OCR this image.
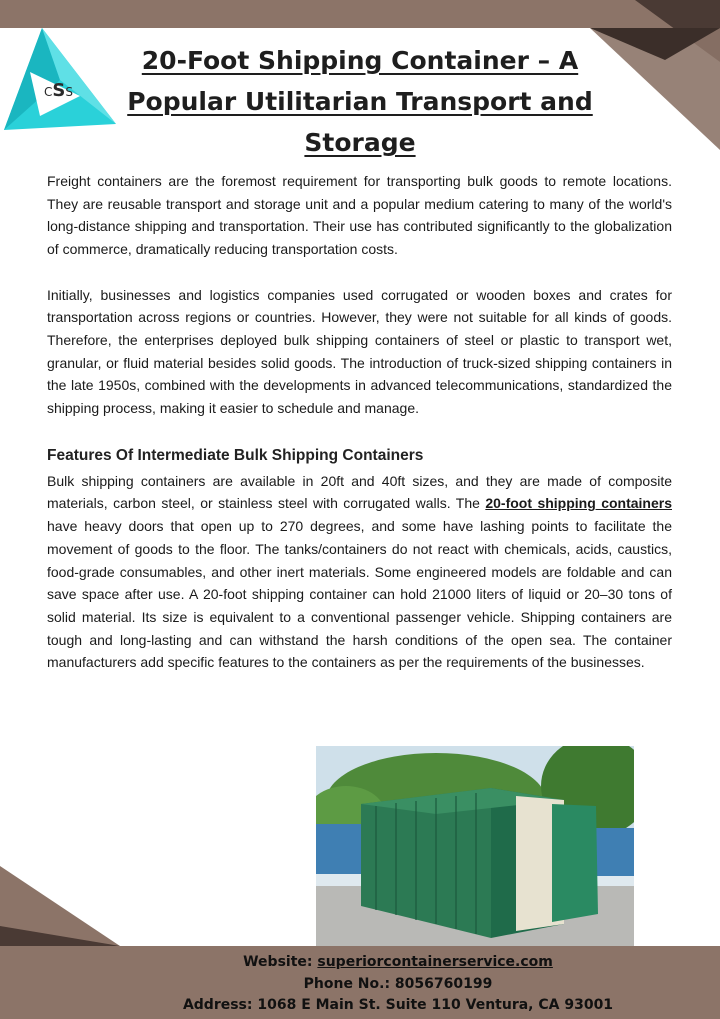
CSS
20-Foot Shipping Container – A Popular Utilitarian Transport and Storage

Freight containers are the foremost requirement for transporting bulk goods to remote locations. They are reusable transport and storage unit and a popular medium catering to many of the world's long-distance shipping and transportation. Their use has contributed significantly to the globalization of commerce, dramatically reducing transportation costs.

Initially, businesses and logistics companies used corrugated or wooden boxes and crates for transportation across regions or countries. However, they were not suitable for all kinds of goods. Therefore, the enterprises deployed bulk shipping containers of steel or plastic to transport wet, granular, or fluid material besides solid goods. The introduction of truck-sized shipping containers in the late 1950s, combined with the developments in advanced telecommunications, standardized the shipping process, making it easier to schedule and manage.

Features Of Intermediate Bulk Shipping Containers

Bulk shipping containers are available in 20ft and 40ft sizes, and they are made of composite materials, carbon steel, or stainless steel with corrugated walls. The 20-foot shipping containers have heavy doors that open up to 270 degrees, and some have lashing points to facilitate the movement of goods to the floor. The tanks/containers do not react with chemicals, acids, caustics, food-grade consumables, and other inert materials. Some engineered models are foldable and can save space after use. A 20-foot shipping container can hold 21000 liters of liquid or 20–30 tons of solid material. Its size is equivalent to a conventional passenger vehicle. Shipping containers are tough and long-lasting and can withstand the harsh conditions of the open sea. The container manufacturers add specific features to the containers as per the requirements of the businesses.

Website: superiorcontainerservice.com
Phone No.: 8056760199
Address: 1068 E Main St. Suite 110 Ventura, CA 93001
